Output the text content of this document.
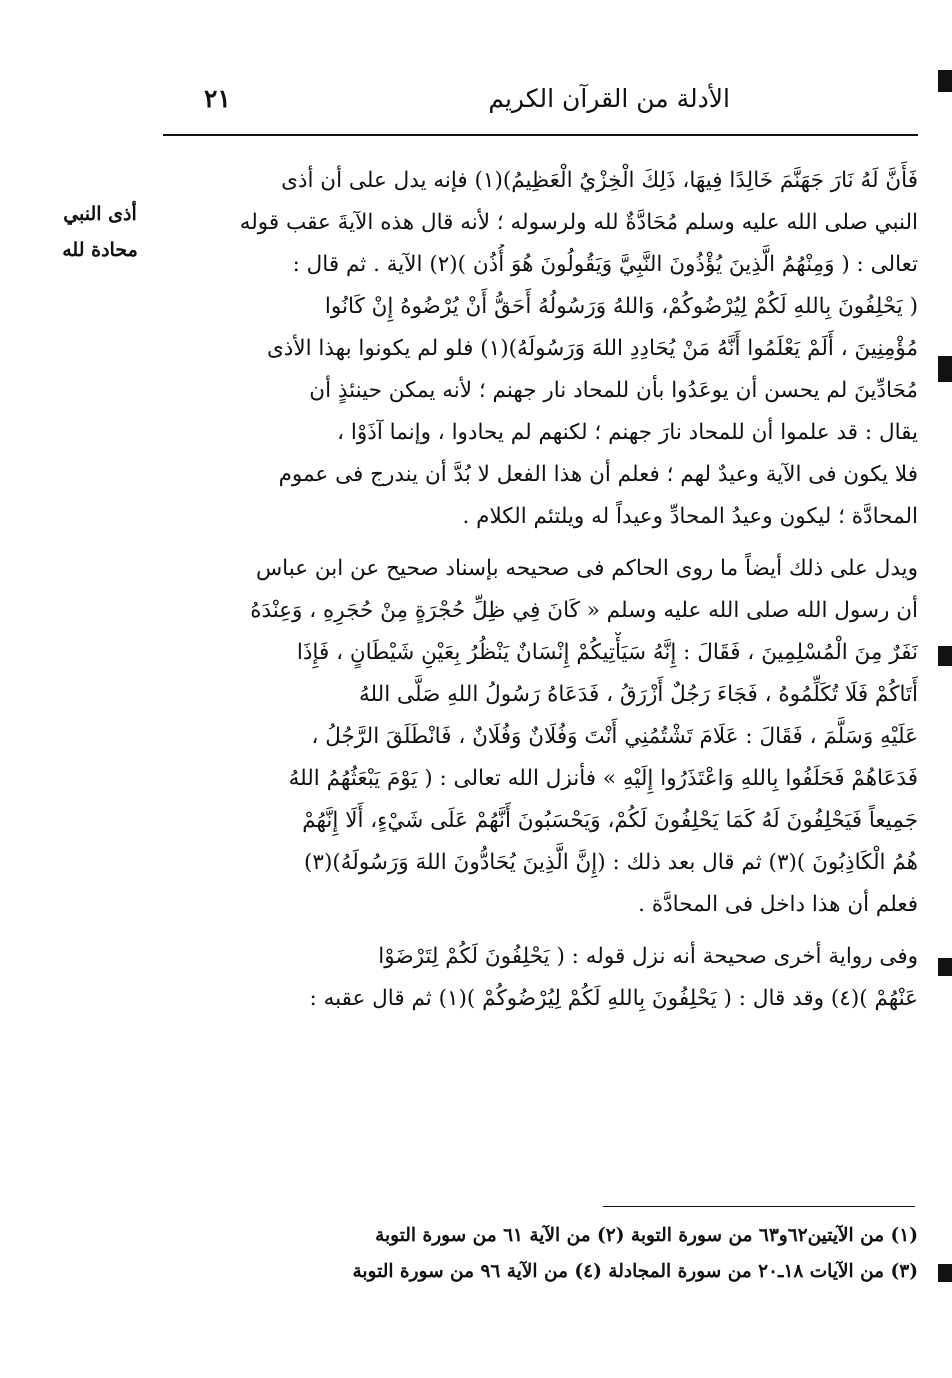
الأدلة من القرآن الكريم
٢١
أذى النبي
محادة لله
فَأَنَّ لَهُ نَارَ جَهَنَّمَ خَالِدًا فِيهَا، ذَلِكَ الْخِزْيُ الْعَظِيمُ)(١) فإنه يدل على أن أذى
النبي صلى الله عليه وسلم مُحَادَّةٌ لله ولرسوله ؛ لأنه قال هذه الآيةَ عقب قوله
تعالى : ( وَمِنْهُمُ الَّذِينَ يُؤْذُونَ النَّبِيَّ وَيَقُولُونَ هُوَ أُذُن )(٢) الآية . ثم قال :
( يَحْلِفُونَ بِاللهِ لَكُمْ لِيُرْضُوكُمْ، وَاللهُ وَرَسُولُهُ أَحَقُّ أَنْ يُرْضُوهُ إِنْ كَانُوا
مُؤْمِنِينَ ، أَلَمْ يَعْلَمُوا أَنَّهُ مَنْ يُحَادِدِ اللهَ وَرَسُولَهُ)(١) فلو لم يكونوا بهذا الأذى
مُحَادِّينَ لم يحسن أن يوعَدُوا بأن للمحاد نار جهنم ؛ لأنه يمكن حينئذٍ أن
يقال : قد علموا أن للمحاد نارَ جهنم ؛ لكنهم لم يحادوا ، وإنما آذَوْا ،
فلا يكون فى الآية وعيدٌ لهم ؛ فعلم أن هذا الفعل لا بُدَّ أن يندرج فى عموم
المحادَّة ؛ ليكون وعيدُ المحادِّ وعيداً له ويلتئم الكلام .
ويدل على ذلك أيضاً ما روى الحاكم فى صحيحه بإسناد صحيح عن ابن عباس
أن رسول الله صلى الله عليه وسلم « كَانَ فِي ظِلِّ حُجْرَةٍ مِنْ حُجَرِهِ ، وَعِنْدَهُ
نَفَرٌ مِنَ الْمُسْلِمِينَ ، فَقَالَ : إِنَّهُ سَيَأْتِيكُمْ إِنْسَانٌ يَنْظُرُ بِعَيْنِ شَيْطَانٍ ، فَإِذَا
أَتَاكُمْ فَلَا تُكَلِّمُوهُ ، فَجَاءَ رَجُلٌ أَزْرَقُ ، فَدَعَاهُ رَسُولُ اللهِ صَلَّى اللهُ
عَلَيْهِ وَسَلَّمَ ، فَقَالَ : عَلَامَ تَشْتُمُنِي أَنْتَ وَفُلَانٌ وَفُلَانٌ ، فَانْطَلَقَ الرَّجُلُ ،
فَدَعَاهُمْ فَحَلَفُوا بِاللهِ وَاعْتَذَرُوا إِلَيْهِ » فأنزل الله تعالى : ( يَوْمَ يَبْعَثُهُمُ اللهُ
جَمِيعاً فَيَحْلِفُونَ لَهُ كَمَا يَحْلِفُونَ لَكُمْ، وَيَحْسَبُونَ أَنَّهُمْ عَلَى شَيْءٍ، أَلَا إِنَّهُمْ
هُمُ الْكَاذِبُونَ )(٣) ثم قال بعد ذلك : (إِنَّ الَّذِينَ يُحَادُّونَ اللهَ وَرَسُولَهُ)(٣)
فعلم أن هذا داخل فى المحادَّة .
وفى رواية أخرى صحيحة أنه نزل قوله : ( يَحْلِفُونَ لَكُمْ لِتَرْضَوْا
عَنْهُمْ )(٤) وقد قال : ( يَحْلِفُونَ بِاللهِ لَكُمْ لِيُرْضُوكُمْ )(١) ثم قال عقبه :
(١) من الآيتين٦٢و٦٣ من سورة التوبة (٢) من الآية ٦١ من سورة التوبة
(٣) من الآيات ١٨ـ٢٠ من سورة المجادلة (٤) من الآية ٩٦ من سورة التوبة
